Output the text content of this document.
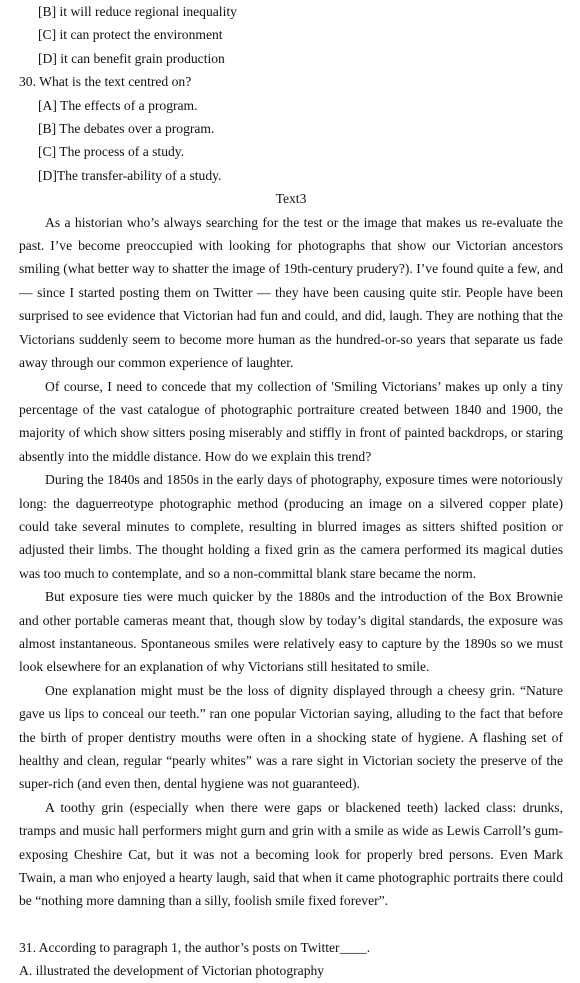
[B] it will reduce regional inequality
[C] it can protect the environment
[D] it can benefit grain production
30. What is the text centred on?
[A] The effects of a program.
[B] The debates over a program.
[C] The process of a study.
[D]The transfer-ability of a study.
Text3

As a historian who’s always searching for the test or the image that makes us re-evaluate the past. I’ve become preoccupied with looking for photographs that show our Victorian ancestors smiling (what better way to shatter the image of 19th-century prudery?). I’ve found quite a few, and — since I started posting them on Twitter — they have been causing quite stir. People have been surprised to see evidence that Victorian had fun and could, and did, laugh. They are nothing that the Victorians suddenly seem to become more human as the hundred-or-so years that separate us fade away through our common experience of laughter.

Of course, I need to concede that my collection of 'Smiling Victorians’ makes up only a tiny percentage of the vast catalogue of photographic portraiture created between 1840 and 1900, the majority of which show sitters posing miserably and stiffly in front of painted backdrops, or staring absently into the middle distance. How do we explain this trend?

During the 1840s and 1850s in the early days of photography, exposure times were notoriously long: the daguerreotype photographic method (producing an image on a silvered copper plate) could take several minutes to complete, resulting in blurred images as sitters shifted position or adjusted their limbs. The thought holding a fixed grin as the camera performed its magical duties was too much to contemplate, and so a non-committal blank stare became the norm.

But exposure ties were much quicker by the 1880s and the introduction of the Box Brownie and other portable cameras meant that, though slow by today’s digital standards, the exposure was almost instantaneous. Spontaneous smiles were relatively easy to capture by the 1890s so we must look elsewhere for an explanation of why Victorians still hesitated to smile.

One explanation might must be the loss of dignity displayed through a cheesy grin. “Nature gave us lips to conceal our teeth.” ran one popular Victorian saying, alluding to the fact that before the birth of proper dentistry mouths were often in a shocking state of hygiene. A flashing set of healthy and clean, regular “pearly whites” was a rare sight in Victorian society the preserve of the super-rich (and even then, dental hygiene was not guaranteed).

A toothy grin (especially when there were gaps or blackened teeth) lacked class: drunks, tramps and music hall performers might gurn and grin with a smile as wide as Lewis Carroll’s gum-exposing Cheshire Cat, but it was not a becoming look for properly bred persons. Even Mark Twain, a man who enjoyed a hearty laugh, said that when it came photographic portraits there could be “nothing more damning than a silly, foolish smile fixed forever”.

31. According to paragraph 1, the author’s posts on Twitter____.
A. illustrated the development of Victorian photography
